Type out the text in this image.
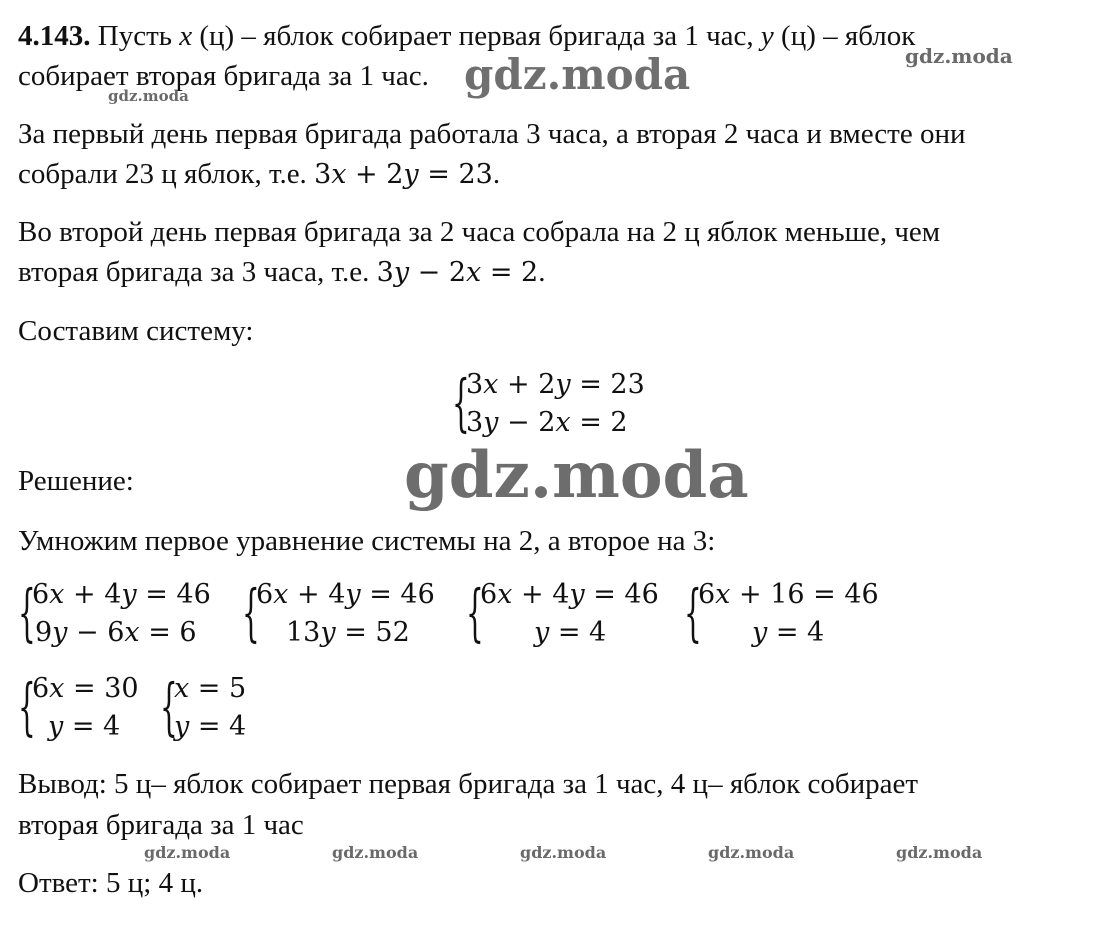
4.143. Пусть x (ц) – яблок собирает первая бригада за 1 час, y (ц) – яблок
собирает вторая бригада за 1 час.
За первый день первая бригада работала 3 часа, а вторая 2 часа и вместе они
собрали 23 ц яблок, т.е. 3𝑥 + 2𝑦 = 23.
Во второй день первая бригада за 2 часа собрала на 2 ц яблок меньше, чем
вторая бригада за 3 часа, т.е. 3𝑦 − 2𝑥 = 2.
Составим систему:
{
3𝑥 + 2𝑦 = 23
3𝑦 − 2𝑥 = 2
Решение:
Умножим первое уравнение системы на 2, а второе на 3:
{
6𝑥 + 4𝑦 = 46
9𝑦 − 6𝑥 = 6 {
6𝑥 + 4𝑦 = 46
13𝑦 = 52 {
6𝑥 + 4𝑦 = 46
𝑦 = 4	{
6𝑥 + 16 = 46
𝑦 = 4
{
6𝑥 = 30
𝑦 = 4 {
𝑥 = 5
𝑦 = 4
Вывод: 5 ц– яблок собирает первая бригада за 1 час, 4 ц– яблок собирает
вторая бригада за 1 час
Ответ: 5 ц; 4 ц.
gdz.moda
gdz.moda
gdz.moda
gdz.moda
gdz.moda	gdz.moda	gdz.moda	gdz.moda	gdz.moda
